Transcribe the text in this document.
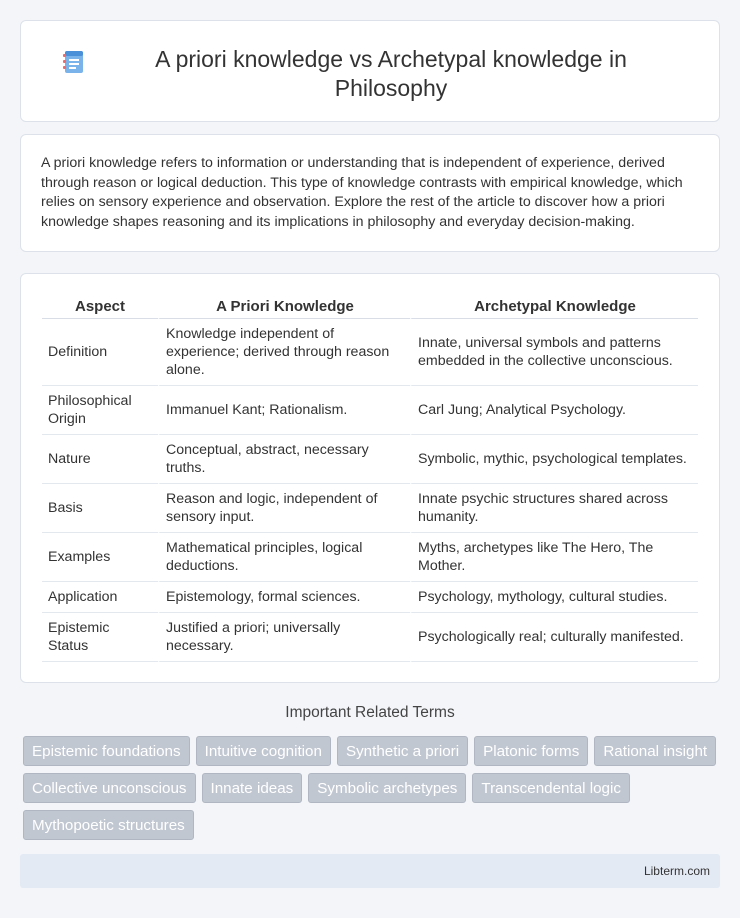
A priori knowledge vs Archetypal knowledge in Philosophy

A priori knowledge refers to information or understanding that is independent of experience, derived through reason or logical deduction. This type of knowledge contrasts with empirical knowledge, which relies on sensory experience and observation. Explore the rest of the article to discover how a priori knowledge shapes reasoning and its implications in philosophy and everyday decision-making.

Aspect	A Priori Knowledge	Archetypal Knowledge
Definition	Knowledge independent of experience; derived through reason alone.	Innate, universal symbols and patterns embedded in the collective unconscious.
Philosophical Origin	Immanuel Kant; Rationalism.	Carl Jung; Analytical Psychology.
Nature	Conceptual, abstract, necessary truths.	Symbolic, mythic, psychological templates.
Basis	Reason and logic, independent of sensory input.	Innate psychic structures shared across humanity.
Examples	Mathematical principles, logical deductions.	Myths, archetypes like The Hero, The Mother.
Application	Epistemology, formal sciences.	Psychology, mythology, cultural studies.
Epistemic Status	Justified a priori; universally necessary.	Psychologically real; culturally manifested.
Important Related Terms
Epistemic foundations	Intuitive cognition	Synthetic a priori	Platonic forms	Rational insight
Collective unconscious	Innate ideas	Symbolic archetypes	Transcendental logic
Mythopoetic structures
Libterm.com
